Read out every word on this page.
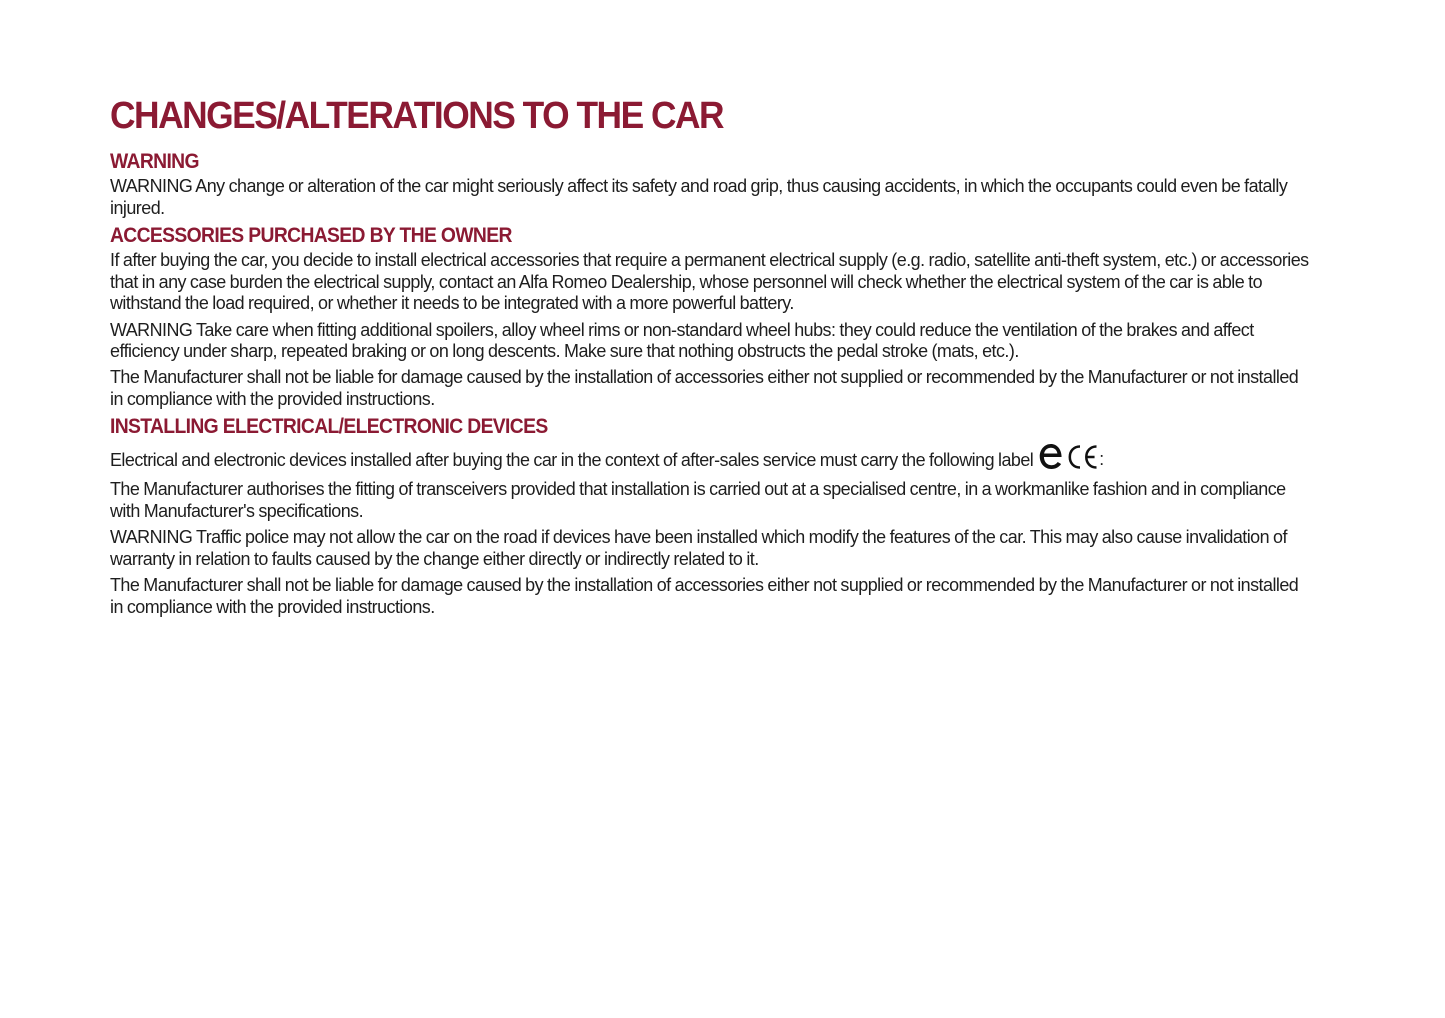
CHANGES/ALTERATIONS TO THE CAR
WARNING

WARNING Any change or alteration of the car might seriously affect its safety and road grip, thus causing accidents, in which the occupants could even be fatally injured.

ACCESSORIES PURCHASED BY THE OWNER

If after buying the car, you decide to install electrical accessories that require a permanent electrical supply (e.g. radio, satellite anti-theft system, etc.) or accessories that in any case burden the electrical supply, contact an Alfa Romeo Dealership, whose personnel will check whether the electrical system of the car is able to withstand the load required, or whether it needs to be integrated with a more powerful battery.

WARNING Take care when fitting additional spoilers, alloy wheel rims or non-standard wheel hubs: they could reduce the ventilation of the brakes and affect efficiency under sharp, repeated braking or on long descents. Make sure that nothing obstructs the pedal stroke (mats, etc.).

The Manufacturer shall not be liable for damage caused by the installation of accessories either not supplied or recommended by the Manufacturer or not installed in compliance with the provided instructions.

INSTALLING ELECTRICAL/ELECTRONIC DEVICES
Electrical and electronic devices installed after buying the car in the context of after-sales service must carry the following label	:

The Manufacturer authorises the fitting of transceivers provided that installation is carried out at a specialised centre, in a workmanlike fashion and in compliance with Manufacturer's specifications.

WARNING Traffic police may not allow the car on the road if devices have been installed which modify the features of the car. This may also cause invalidation of warranty in relation to faults caused by the change either directly or indirectly related to it.

The Manufacturer shall not be liable for damage caused by the installation of accessories either not supplied or recommended by the Manufacturer or not installed in compliance with the provided instructions.
